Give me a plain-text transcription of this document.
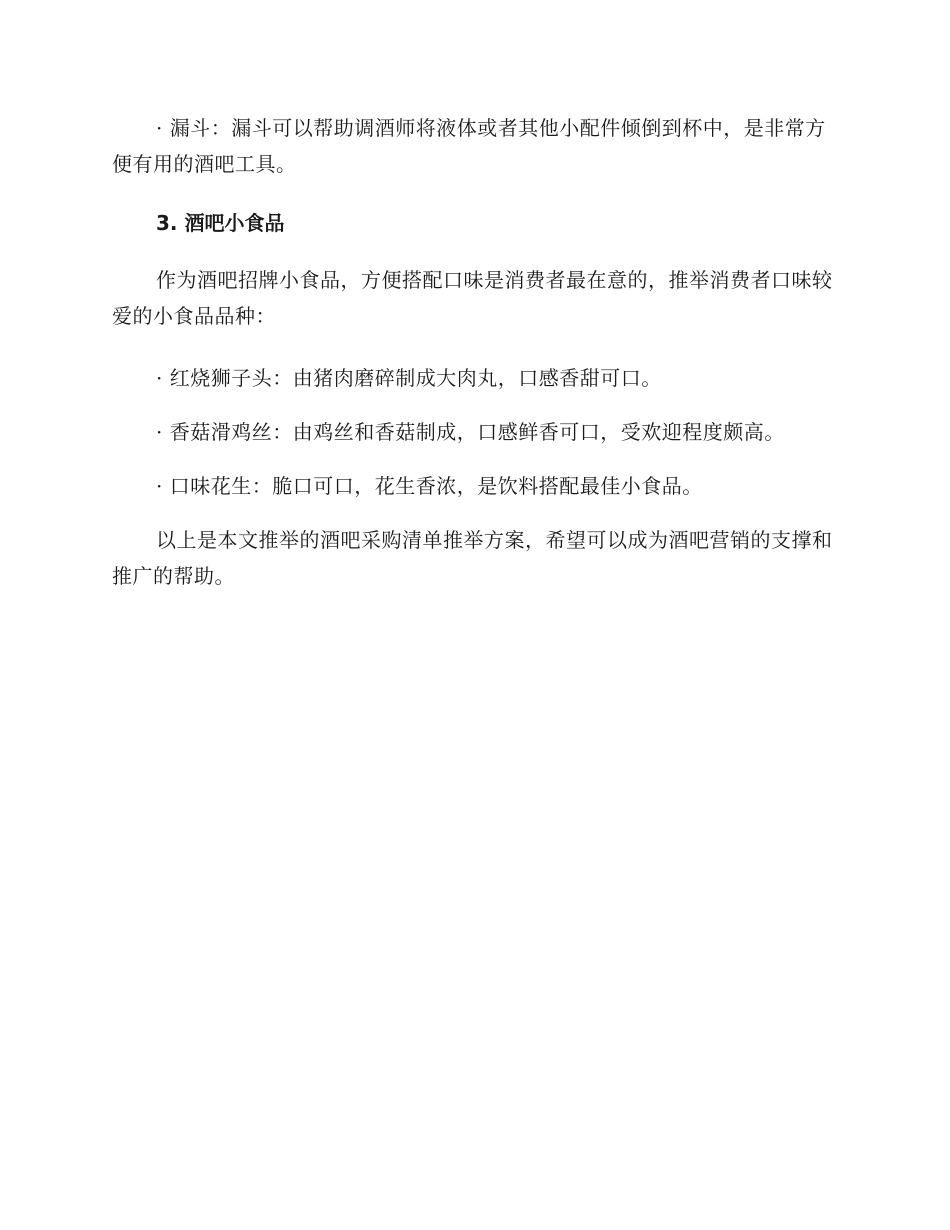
· 漏斗：漏斗可以帮助调酒师将液体或者其他小配件倾倒到杯中，是非常方便有用的酒吧工具。

3. 酒吧小食品

作为酒吧招牌小食品，方便搭配口味是消费者最在意的，推举消费者口味较爱的小食品品种：

· 红烧狮子头：由猪肉磨碎制成大肉丸，口感香甜可口。

· 香菇滑鸡丝：由鸡丝和香菇制成，口感鲜香可口，受欢迎程度颇高。

· 口味花生：脆口可口，花生香浓，是饮料搭配最佳小食品。

以上是本文推举的酒吧采购清单推举方案，希望可以成为酒吧营销的支撑和推广的帮助。
